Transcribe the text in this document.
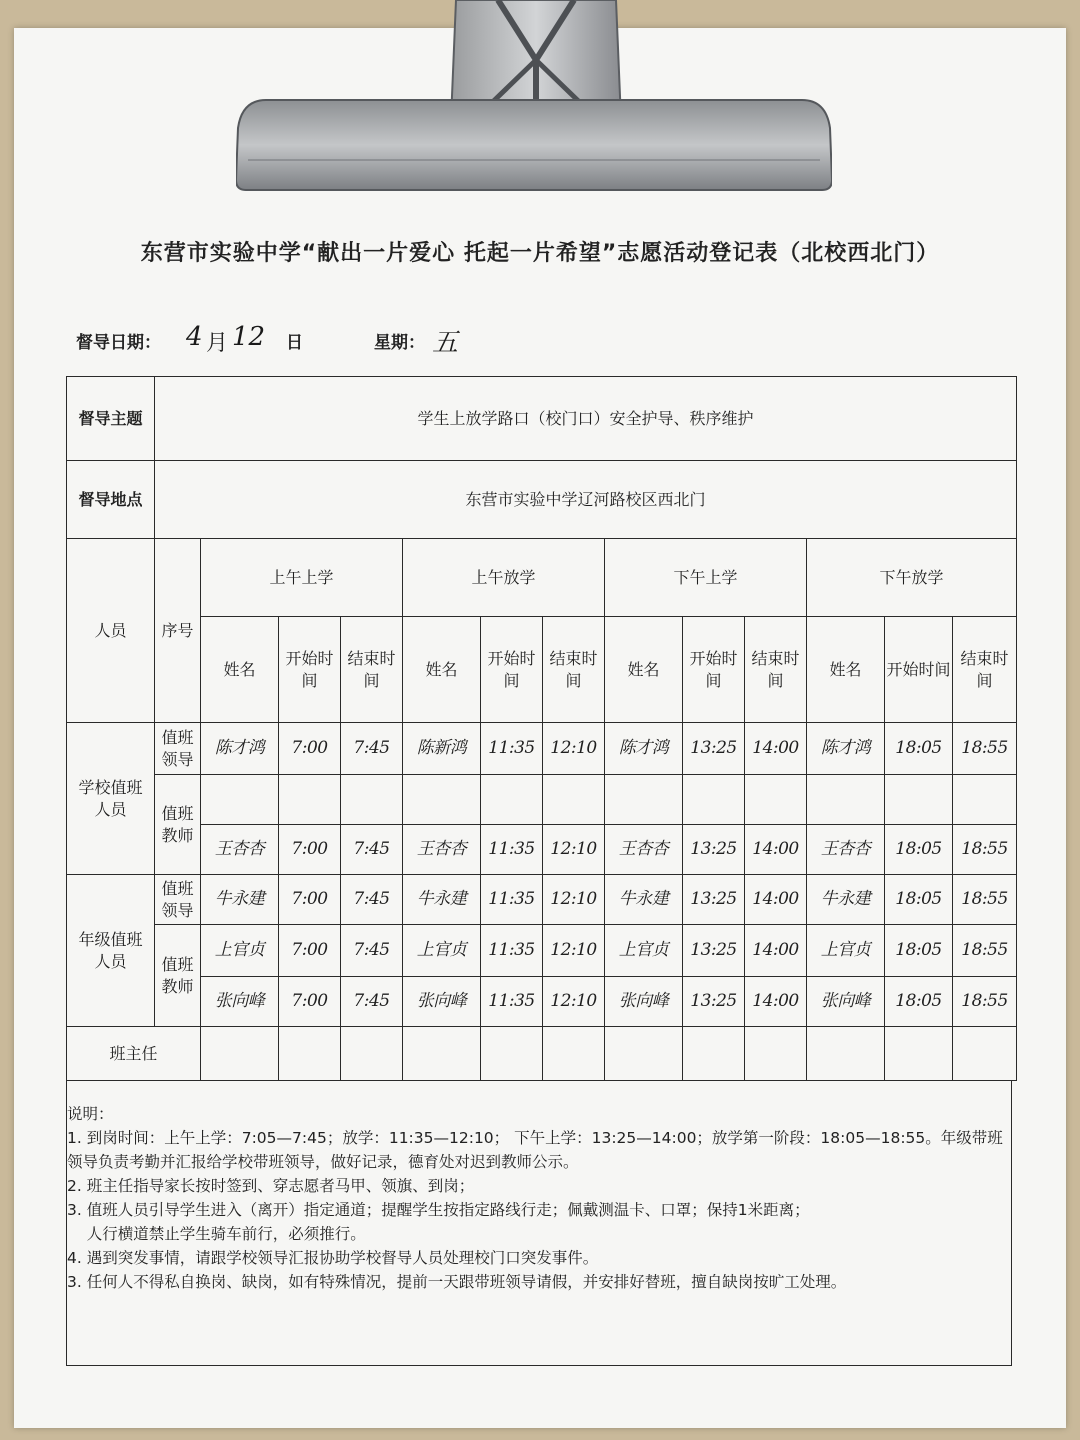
东营市实验中学“献出一片爱心 托起一片希望”志愿活动登记表（北校西北门）
督导日期： 4 月 12 日	星期： 五
督导主题	学生上放学路口（校门口）安全护导、秩序维护												
督导地点	东营市实验中学辽河路校区西北门												
人员	序号	上午上学			上午放学			下午上学			下午放学		
		姓名	开始时间	结束时间	姓名	开始时间	结束时间	姓名	开始时间	结束时间	姓名	开始时间	结束时间
学校值班人员	值班领导	陈才鸿	7:00	7:45	陈新鸿	11:35	12:10	陈才鸿	13:25	14:00	陈才鸿	18:05	18:55
	值班教师												
		王杏杏	7:00	7:45	王杏杏	11:35	12:10	王杏杏	13:25	14:00	王杏杏	18:05	18:55
年级值班人员	值班领导	牛永建	7:00	7:45	牛永建	11:35	12:10	牛永建	13:25	14:00	牛永建	18:05	18:55
	值班教师	上官贞	7:00	7:45	上官贞	11:35	12:10	上官贞	13:25	14:00	上官贞	18:05	18:55
		张向峰	7:00	7:45	张向峰	11:35	12:10	张向峰	13:25	14:00	张向峰	18:05	18:55
班主任													
说明：
1. 到岗时间：上午上学：7:05—7:45；放学：11:35—12:10； 下午上学：13:25—14:00；放学第一阶段：18:05—18:55。年级带班领导负责考勤并汇报给学校带班领导，做好记录，德育处对迟到教师公示。
2. 班主任指导家长按时签到、穿志愿者马甲、领旗、到岗；
3. 值班人员引导学生进入（离开）指定通道；提醒学生按指定路线行走；佩戴测温卡、口罩；保持1米距离；
人行横道禁止学生骑车前行，必须推行。
4. 遇到突发事情，请跟学校领导汇报协助学校督导人员处理校门口突发事件。
3. 任何人不得私自换岗、缺岗，如有特殊情况，提前一天跟带班领导请假，并安排好替班，擅自缺岗按旷工处理。
